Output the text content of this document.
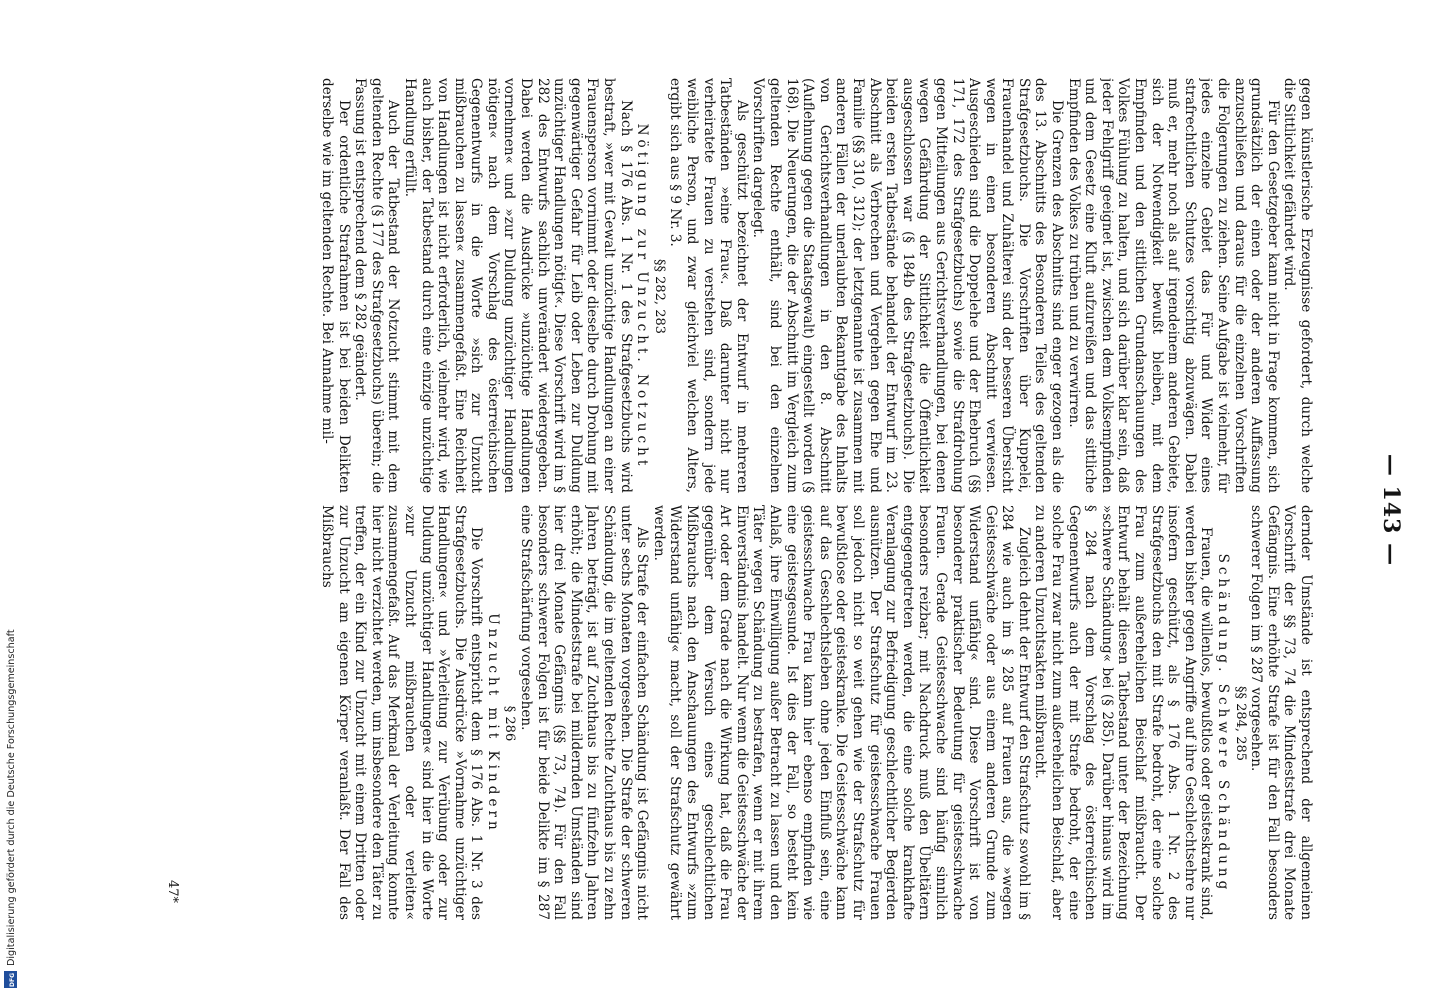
— 143 —

gegen künstlerische Erzeugnisse gefordert, durch welche die Sittlichkeit gefährdet wird.

Für den Gesetzgeber kann nicht in Frage kommen, sich grundsätzlich der einen oder der anderen Auffassung anzuschließen und daraus für die einzelnen Vorschriften die Folgerungen zu ziehen. Seine Aufgabe ist vielmehr, für jedes einzelne Gebiet das Für und Wider eines strafrechtlichen Schutzes vorsichtig abzuwägen. Dabei muß er, mehr noch als auf irgendeinem anderen Gebiete, sich der Notwendigkeit bewußt bleiben, mit dem Empfinden und den sittlichen Grundanschauungen des Volkes Fühlung zu halten, und sich darüber klar sein, daß jeder Fehlgriff geeignet ist, zwischen dem Volksempfinden und dem Gesetz eine Kluft aufzureißen und das sittliche Empfinden des Volkes zu trüben und zu verwirren.

Die Grenzen des Abschnitts sind enger gezogen als die des 13. Abschnitts des Besonderen Teiles des geltenden Strafgesetzbuchs. Die Vorschriften über Kuppelei, Frauenhandel und Zuhälterei sind der besseren Übersicht wegen in einen besonderen Abschnitt verwiesen. Ausgeschieden sind die Doppelehe und der Ehebruch (§§ 171, 172 des Strafgesetzbuchs) sowie die Strafdrohung gegen Mitteilungen aus Gerichtsverhandlungen, bei denen wegen Gefährdung der Sittlichkeit die Öffentlichkeit ausgeschlossen war (§ 184b des Strafgesetzbuchs). Die beiden ersten Tatbestände behandelt der Entwurf im 23. Abschnitt als Verbrechen und Vergehen gegen Ehe und Familie (§§ 310, 312); der letztgenannte ist zusammen mit anderen Fällen der unerlaubten Bekanntgabe des Inhalts von Gerichtsverhandlungen in den 8. Abschnitt (Auflehnung gegen die Staatsgewalt) eingestellt worden (§ 168). Die Neuerungen, die der Abschnitt im Vergleich zum geltenden Rechte enthält, sind bei den einzelnen Vorschriften dargelegt.

Als geschützt bezeichnet der Entwurf in mehreren Tatbeständen »eine Frau«. Daß darunter nicht nur verheiratete Frauen zu verstehen sind, sondern jede weibliche Person, und zwar gleichviel welchen Alters, ergibt sich aus § 9 Nr. 3.

§§ 282, 283

Nötigung zur Unzucht. Notzucht

Nach § 176 Abs. 1 Nr. 1 des Strafgesetzbuchs wird bestraft, »wer mit Gewalt unzüchtige Handlungen an einer Frauensperson vornimmt oder dieselbe durch Drohung mit gegenwärtiger Gefahr für Leib oder Leben zur Duldung unzüchtiger Handlungen nötigt«. Diese Vorschrift wird im § 282 des Entwurfs sachlich unverändert wiedergegeben. Dabei werden die Ausdrücke »unzüchtige Handlungen vornehmen« und »zur Duldung unzüchtiger Handlungen nötigen« nach dem Vorschlag des österreichischen Gegenentwurfs in die Worte »sich zur Unzucht mißbrauchen zu lassen« zusammengefaßt. Eine Reichheit von Handlungen ist nicht erforderlich, vielmehr wird, wie auch bisher, der Tatbestand durch eine einzige unzüchtige Handlung erfüllt.

Auch der Tatbestand der Notzucht stimmt mit dem geltenden Rechte (§ 177 des Strafgesetzbuchs) überein; die Fassung ist entsprechend dem § 282 geändert.

Der ordentliche Strafrahmen ist bei beiden Delikten derselbe wie im geltenden Rechte. Bei Annahme mil-

dernder Umstände ist entsprechend der allgemeinen Vorschrift der §§ 73, 74 die Mindeststrafe drei Monate Gefängnis. Eine erhöhte Strafe ist für den Fall besonders schwerer Folgen im § 287 vorgesehen.

§§ 284, 285

Schändung. Schwere Schändung

Frauen, die willenlos, bewußtlos oder geisteskrank sind, werden bisher gegen Angriffe auf ihre Geschlechtsehre nur insofern geschützt, als § 176 Abs. 1 Nr. 2 des Strafgesetzbuchs den mit Strafe bedroht, der eine solche Frau zum außerehelichen Beischlaf mißbraucht. Der Entwurf behält diesen Tatbestand unter der Bezeichnung »schwere Schändung« bei (§ 285). Darüber hinaus wird im § 284 nach dem Vorschlag des österreichischen Gegenentwurfs auch der mit Strafe bedroht, der eine solche Frau zwar nicht zum außerehelichen Beischlaf, aber zu anderen Unzuchtsakten mißbraucht.

Zugleich dehnt der Entwurf den Strafschutz sowohl im § 284 wie auch im § 285 auf Frauen aus, die »wegen Geistesschwäche oder aus einem anderen Grunde zum Widerstand unfähig« sind. Diese Vorschrift ist von besonderer praktischer Bedeutung für geistesschwache Frauen. Gerade Geistesschwache sind häufig sinnlich besonders reizbar; mit Nachdruck muß den Übeltätern entgegengetreten werden, die eine solche krankhafte Veranlagung zur Befriedigung geschlechtlicher Begierden ausnützen. Der Strafschutz für geistesschwache Frauen soll jedoch nicht so weit gehen wie der Strafschutz für bewußtlose oder geisteskranke. Die Geistesschwäche kann auf das Geschlechtsleben ohne jeden Einfluß sein, eine geistesschwache Frau kann hier ebenso empfinden wie eine geistesgesunde. Ist dies der Fall, so besteht kein Anlaß, ihre Einwilligung außer Betracht zu lassen und den Täter wegen Schändung zu bestrafen, wenn er mit ihrem Einverständnis handelt. Nur wenn die Geistesschwäche der Art oder dem Grade nach die Wirkung hat, daß die Frau gegenüber dem Versuch eines geschlechtlichen Mißbrauchs nach den Anschauungen des Entwurfs »zum Widerstand unfähig« macht, soll der Strafschutz gewährt werden.

Als Strafe der einfachen Schändung ist Gefängnis nicht unter sechs Monaten vorgesehen. Die Strafe der schweren Schändung, die im geltenden Rechte Zuchthaus bis zu zehn Jahren beträgt, ist auf Zuchthaus bis zu fünfzehn Jahren erhöht; die Mindeststrafe bei mildernden Umständen sind hier drei Monate Gefängnis (§§ 73, 74). Für den Fall besonders schwerer Folgen ist für beide Delikte im § 287 eine Strafschärfung vorgesehen.

§ 286

Unzucht mit Kindern

Die Vorschrift entspricht dem § 176 Abs. 1 Nr. 3 des Strafgesetzbuchs. Die Ausdrücke »Vornahme unzüchtiger Handlungen« und »Verleitung zur Verübung oder zur Duldung unzüchtiger Handlungen« sind hier in die Worte »zur Unzucht mißbrauchen oder verleiten« zusammengefaßt. Auf das Merkmal der Verleitung konnte hier nicht verzichtet werden, um insbesondere den Täter zu treffen, der ein Kind zur Unzucht mit einem Dritten oder zur Unzucht am eigenen Körper veranlaßt. Der Fall des Mißbrauchs

47*
Digitalisierung gefördert durch die Deutsche Forschungsgemeinschaft
DFG
